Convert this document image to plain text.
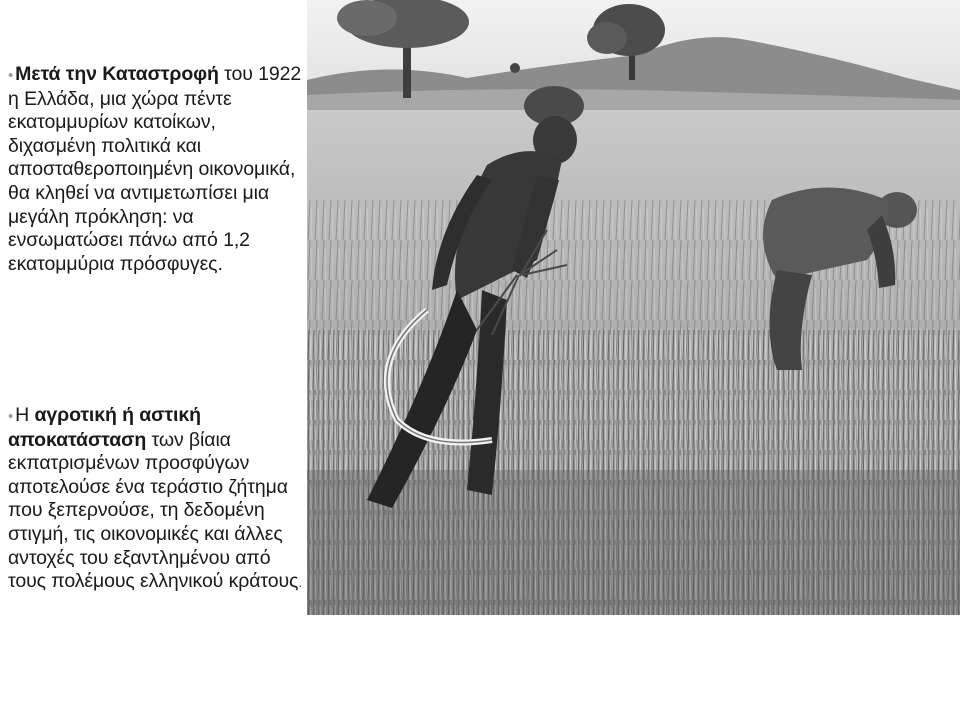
• Μετά την Καταστροφή του 1922 η Ελλάδα, μια χώρα πέντε εκατομμυρίων κατοίκων, διχασμένη πολιτικά και αποσταθεροποιημένη οικονομικά, θα κληθεί να αντιμετωπίσει μια μεγάλη πρόκληση: να ενσωματώσει πάνω από 1,2 εκατομμύρια πρόσφυγες.
• Η αγροτική ή αστική αποκατάσταση των βίαια εκπατρισμένων προσφύγων αποτελούσε ένα τεράστιο ζήτημα που ξεπερνούσε, τη δεδομένη στιγμή, τις οικονομικές και άλλες αντοχές του εξαντλημένου από τους πολέμους ελληνικού κράτους.
